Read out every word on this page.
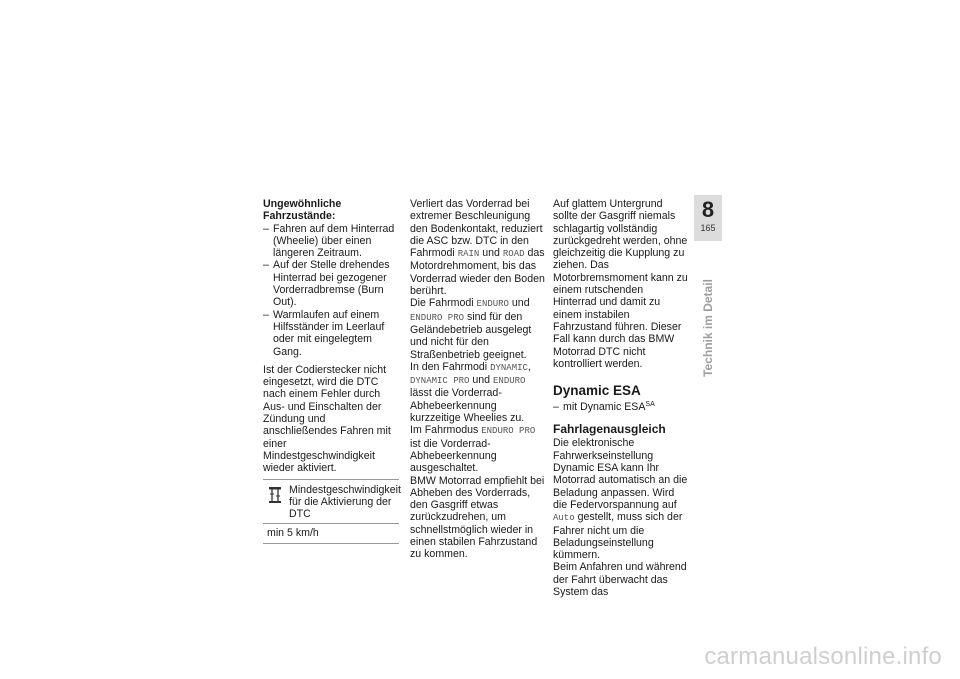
Ungewöhnliche
Fahrzustände:
– Fahren auf dem Hinterrad (Wheelie) über einen längeren Zeitraum.
– Auf der Stelle drehendes Hinterrad bei gezogener Vorderradbremse (Burn Out).
– Warmlaufen auf einem Hilfsständer im Leerlauf oder mit eingelegtem Gang.

Ist der Codierstecker nicht eingesetzt, wird die DTC nach einem Fehler durch Aus- und Einschalten der Zündung und anschließendes Fahren mit einer Mindestgeschwindigkeit wieder aktiviert.

Mindestgeschwindigkeit für die Aktivierung der DTC
min 5 km/h

Verliert das Vorderrad bei extremer Beschleunigung den Bodenkontakt, reduziert die ASC bzw. DTC in den Fahrmodi RAIN und ROAD das Motordrehmoment, bis das Vorderrad wieder den Boden berührt.

Die Fahrmodi ENDURO und ENDURO PRO sind für den Geländebetrieb ausgelegt und nicht für den Straßenbetrieb geeignet.

In den Fahrmodi DYNAMIC, DYNAMIC PRO und ENDURO lässt die Vorderrad-Abhebeerkennung kurzzeitige Wheelies zu.

Im Fahrmodus ENDURO PRO ist die Vorderrad-Abhebeerkennung ausgeschaltet.

BMW Motorrad empfiehlt bei Abheben des Vorderrads, den Gasgriff etwas zurückzudrehen, um schnellstmöglich wieder in einen stabilen Fahrzustand zu kommen.

Auf glattem Untergrund sollte der Gasgriff niemals schlagartig vollständig zurückgedreht werden, ohne gleichzeitig die Kupplung zu ziehen. Das Motorbremsmoment kann zu einem rutschenden Hinterrad und damit zu einem instabilen Fahrzustand führen. Dieser Fall kann durch das BMW Motorrad DTC nicht kontrolliert werden.

Dynamic ESA
– mit Dynamic $ESA^{SA}$
Fahrlagenausgleich

Die elektronische Fahrwerkseinstellung Dynamic ESA kann Ihr Motorrad automatisch an die Beladung anpassen. Wird die Federvorspannung auf Auto gestellt, muss sich der Fahrer nicht um die Beladungseinstellung kümmern.

Beim Anfahren und während der Fahrt überwacht das System das

8
165
Technik im Detail
carmanualsonline.info
